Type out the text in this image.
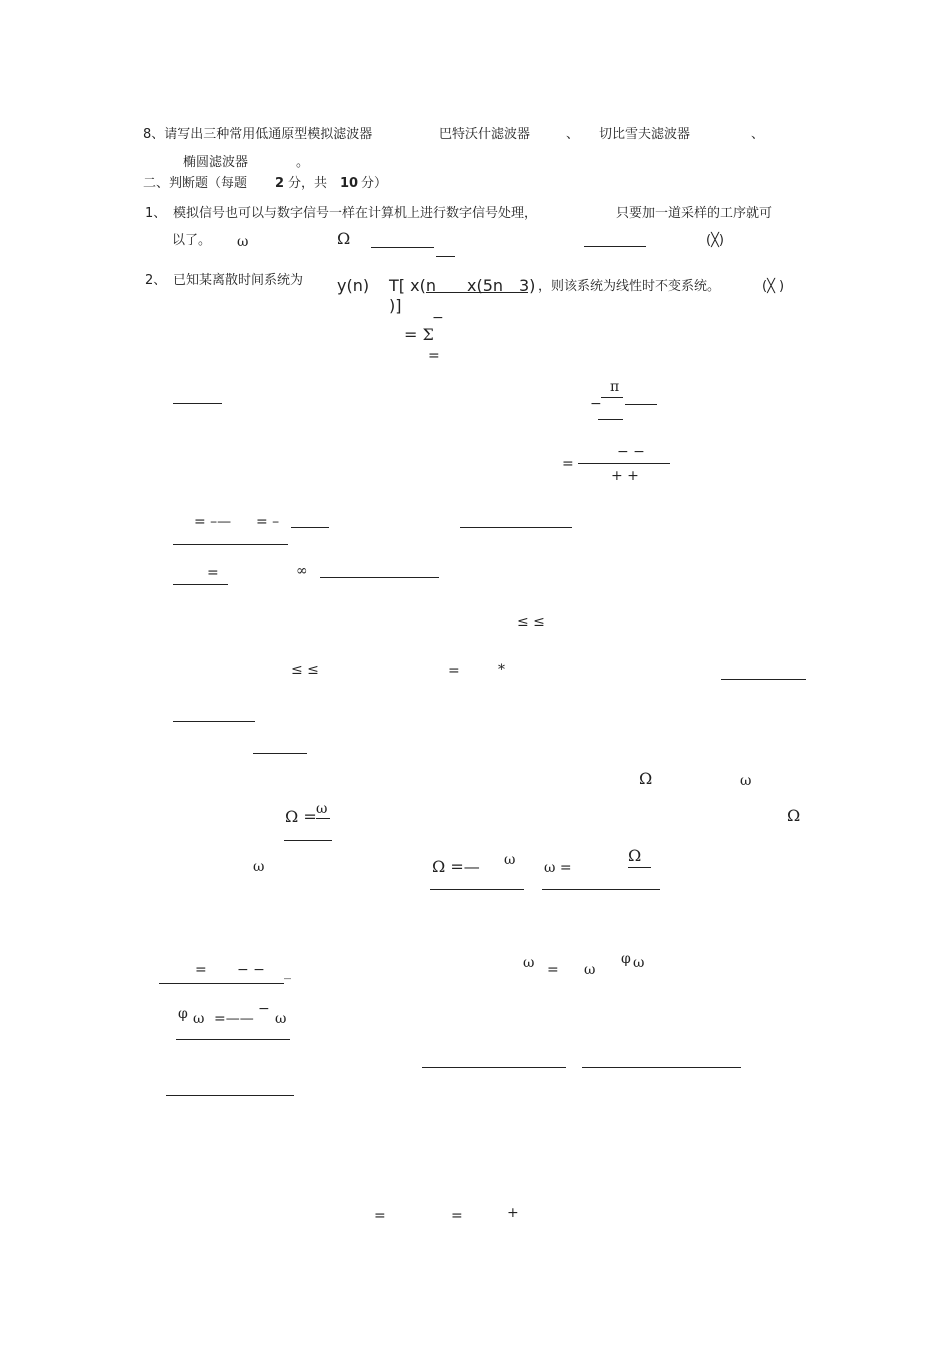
8、请写出三种常用低通原型模拟滤波器	巴特沃什滤波器	、 切比雪夫滤波器	、
椭圆滤波器	。
二、判断题（每题 2 分，共 10 分）
1、 模拟信号也可以与数字信号一样在计算机上进行数字信号处理，	只要加一道采样的工序就可
以了。 ω	Ω	(╳)
2、 已知某离散时间系统为 y(n) T[ x(n x(5n 3) ，则该系统为线性时不变系统。	(╳ )
)]
−
= Σ
=
π
−
− −
=
+ +
= –— = –
=	∞
≤ ≤
≤ ≤	=	*
Ω	ω
ω
Ω =	Ω
ω	Ω =— ω ω =
Ω
= − − _
ω = ω
φ ω
φ ω =——
−
ω
=	=	+
